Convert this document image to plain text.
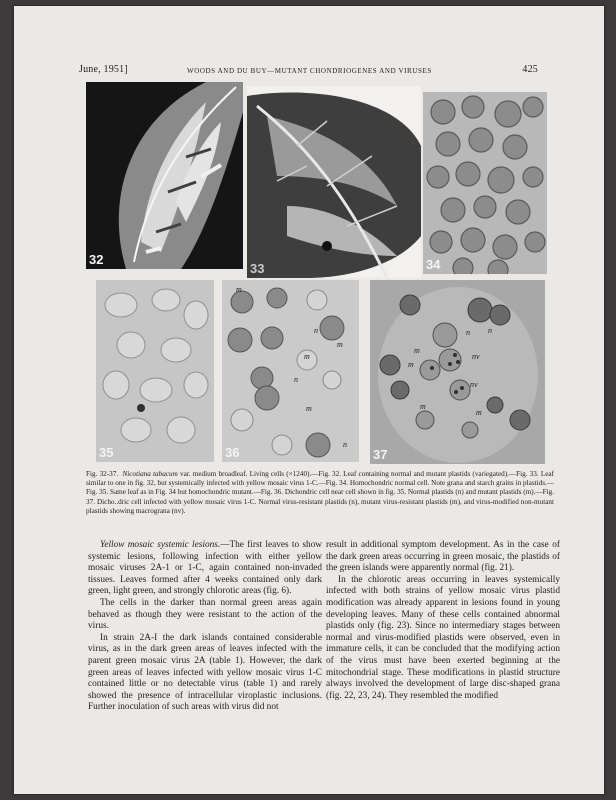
June, 1951]	WOODS AND DU BUY—MUTANT CHONDRIOGENES AND VIRUSES	425
32
33	34
35
m
n
m
m
n
m
n
36
n n
m
m
nv
nv
m
m
37

Fig. 32-37. Nicotiana tabacum var. medium broadleaf. Living cells (×1240).—Fig. 32. Leaf containing normal and mutant plastids (variegated).—Fig. 33. Leaf similar to one in fig. 32, but systemically infected with yellow mosaic virus 1-C.—Fig. 34. Homochondric normal cell. Note grana and starch grains in plastids.—Fig. 35. Same leaf as in Fig. 34 but homochondric mutant.—Fig. 36. Dichondric cell near cell shown in fig. 35. Normal plastids (n) and mutant plastids (m).—Fig. 37. Dicho..dric cell infected with yellow mosaic virus 1-C. Normal virus-resistant plastids (n), mutant virus-resistant plastids (m), and virus-modified non-mutant plastids showing macrograna (nv).

Yellow mosaic systemic lesions.—The first leaves to show systemic lesions, following infection with either yellow mosaic viruses 2A-1 or 1-C, again contained non-invaded tissues. Leaves formed after 4 weeks contained only dark green, light green, and strongly chlorotic areas (fig. 6).

The cells in the darker than normal green areas again behaved as though they were resistant to the action of the virus.

In strain 2A-I the dark islands contained considerable virus, as in the dark green areas of leaves infected with the parent green mosaic virus 2A (table 1). However, the dark green areas of leaves infected with yellow mosaic virus 1-C contained little or no detectable virus (table 1) and rarely showed the presence of intracellular viroplastic inclusions. Further inoculation of such areas with virus did not

result in additional symptom development. As in the case of the dark green areas occurring in green mosaic, the plastids of the green islands were apparently normal (fig. 21).

In the chlorotic areas occurring in leaves systemically infected with both strains of yellow mosaic virus plastid modification was already apparent in lesions found in young developing leaves. Many of these cells contained abnormal plastids only (fig. 23). Since no intermediary stages between normal and virus-modified plastids were observed, even in immature cells, it can be concluded that the modifying action of the virus must have been exerted beginning at the mitochondrial stage. These modifications in plastid structure always involved the development of large disc-shaped grana (fig. 22, 23, 24). They resembled the modified
